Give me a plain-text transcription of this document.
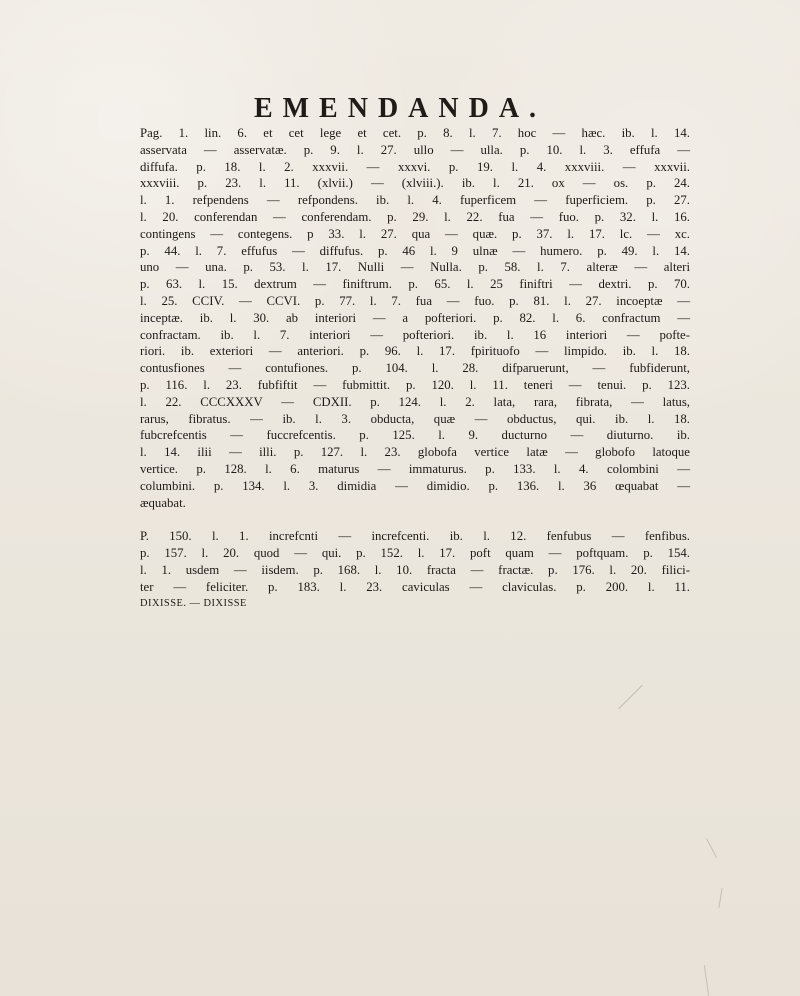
EMENDANDA.

Pag. 1. lin. 6. et cet lege et cet. p. 8. l. 7. hoc — hæc. ib. l. 14.
asservata — asservatæ. p. 9. l. 27. ullo — ulla. p. 10. l. 3. effufa —
diffufa. p. 18. l. 2. xxxvii. — xxxvi. p. 19. l. 4. xxxviii. — xxxvii.
xxxviii. p. 23. l. 11. (xlvii.) — (xlviii.). ib. l. 21. ox — os. p. 24.
l. 1. refpendens — refpondens. ib. l. 4. fuperficem — fuperficiem. p. 27.
l. 20. conferendan — conferendam. p. 29. l. 22. fua — fuo. p. 32. l. 16.
contingens — contegens. p 33. l. 27. qua — quæ. p. 37. l. 17. lc. — xc.
p. 44. l. 7. effufus — diffufus. p. 46 l. 9 ulnæ — humero. p. 49. l. 14.
uno — una. p. 53. l. 17. Nulli — Nulla. p. 58. l. 7. alteræ — alteri
p. 63. l. 15. dextrum — finiftrum. p. 65. l. 25 finiftri — dextri. p. 70.
l. 25. CCIV. — CCVI. p. 77. l. 7. fua — fuo. p. 81. l. 27. incoeptæ —
inceptæ. ib. l. 30. ab interiori — a pofteriori. p. 82. l. 6. confractum —
confractam. ib. l. 7. interiori — pofteriori. ib. l. 16 interiori — pofte-
riori. ib. exteriori — anteriori. p. 96. l. 17. fpirituofo — limpido. ib. l. 18.
contusfiones — contufiones. p. 104. l. 28. difparuerunt, — fubfiderunt,
p. 116. l. 23. fubfiftit — fubmittit. p. 120. l. 11. teneri — tenui. p. 123.
l. 22. CCCXXXV — CDXII. p. 124. l. 2. lata, rara, fibrata, — latus,
rarus, fibratus. — ib. l. 3. obducta, quæ — obductus, qui. ib. l. 18.
fubcrefcentis — fuccrefcentis. p. 125. l. 9. ducturno — diuturno. ib.
l. 14. ilii — illi. p. 127. l. 23. globofa vertice latæ — globofo latoque
vertice. p. 128. l. 6. maturus — immaturus. p. 133. l. 4. colombini —
columbini. p. 134. l. 3. dimidia — dimidio. p. 136. l. 36 œquabat —
æquabat.

P. 150. l. 1. increfcnti — increfcenti. ib. l. 12. fenfubus — fenfibus.
p. 157. l. 20. quod — qui. p. 152. l. 17. poft quam — poftquam. p. 154.
l. 1. usdem — iisdem. p. 168. l. 10. fracta — fractæ. p. 176. l. 20. filici-
ter — feliciter. p. 183. l. 23. caviculas — claviculas. p. 200. l. 11.
DIXISSE. — DIXISSE
